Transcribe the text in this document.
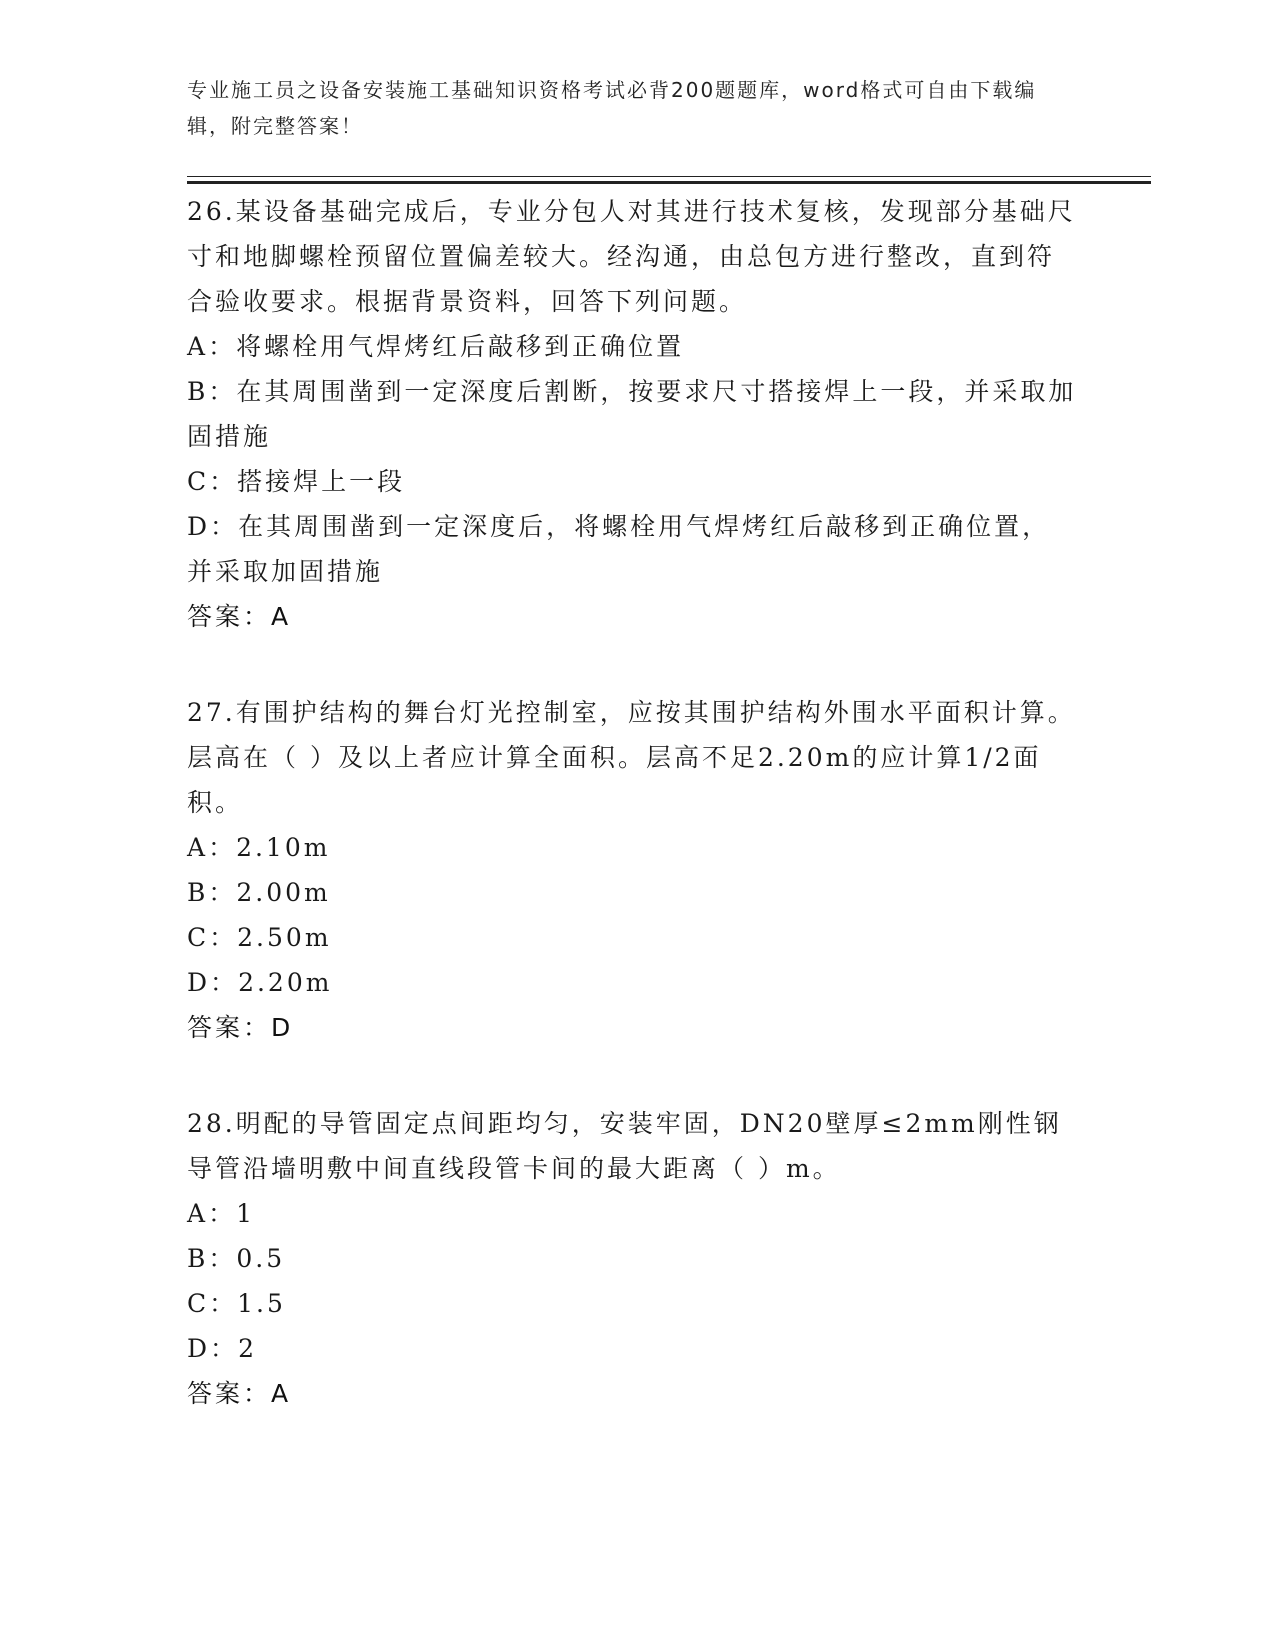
专业施工员之设备安装施工基础知识资格考试必背200题题库，word格式可自由下载编辑，附完整答案！

26.某设备基础完成后，专业分包人对其进行技术复核，发现部分基础尺寸和地脚螺栓预留位置偏差较大。经沟通，由总包方进行整改，直到符合验收要求。根据背景资料，回答下列问题。

A：将螺栓用气焊烤红后敲移到正确位置

B：在其周围凿到一定深度后割断，按要求尺寸搭接焊上一段，并采取加固措施

C：搭接焊上一段

D：在其周围凿到一定深度后，将螺栓用气焊烤红后敲移到正确位置，并采取加固措施

答案：A

27.有围护结构的舞台灯光控制室，应按其围护结构外围水平面积计算。层高在（ ）及以上者应计算全面积。层高不足2.20m的应计算1/2面积。

A：2.10m

B：2.00m

C：2.50m

D：2.20m

答案：D

28.明配的导管固定点间距均匀，安装牢固，DN20壁厚≤2mm刚性钢导管沿墙明敷中间直线段管卡间的最大距离（ ）m。

A：1

B：0.5

C：1.5

D：2

答案：A
